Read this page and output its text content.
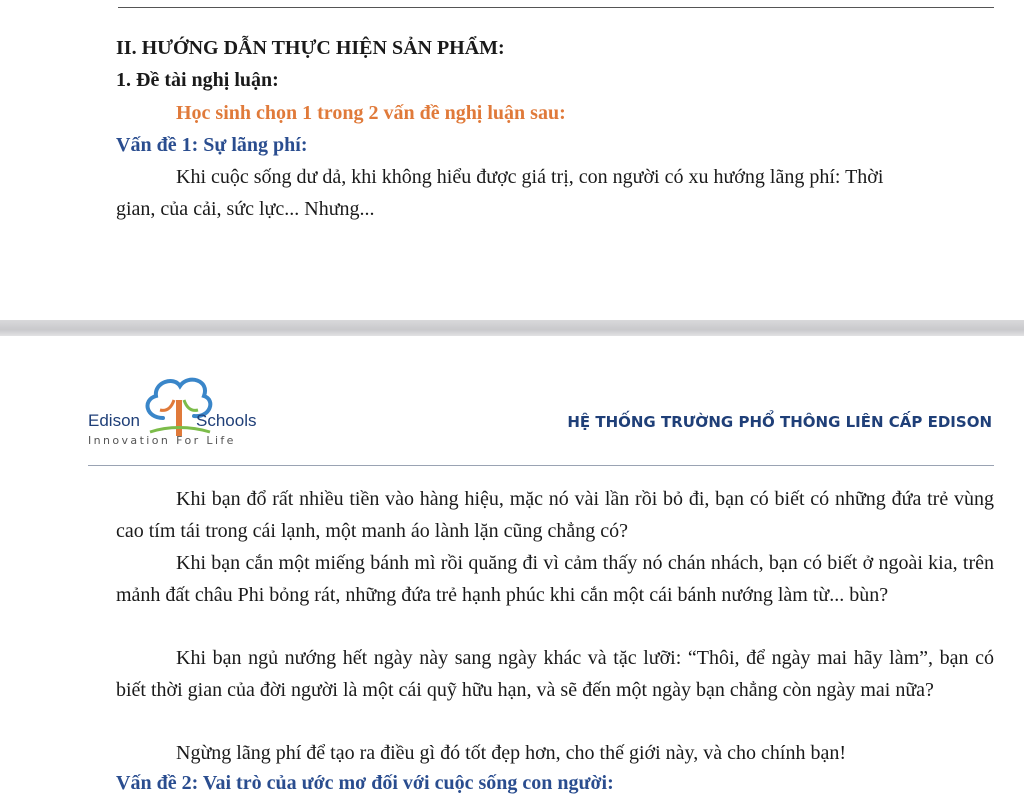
II. HƯỚNG DẪN THỰC HIỆN SẢN PHẨM:
1. Đề tài nghị luận:
Học sinh chọn 1 trong 2 vấn đề nghị luận sau:
Vấn đề 1: Sự lãng phí:
Khi cuộc sống dư dả, khi không hiểu được giá trị, con người có xu hướng lãng phí: Thời
gian, của cải, sức lực... Nhưng...
Edison	Schools
Innovation For Life
HỆ THỐNG TRƯỜNG PHỔ THÔNG LIÊN CẤP EDISON
Khi bạn đổ rất nhiều tiền vào hàng hiệu, mặc nó vài lần rồi bỏ đi, bạn có biết có những đứa trẻ vùng cao tím tái trong cái lạnh, một manh áo lành lặn cũng chẳng có?
Khi bạn cắn một miếng bánh mì rồi quăng đi vì cảm thấy nó chán nhách, bạn có biết ở ngoài kia, trên mảnh đất châu Phi bỏng rát, những đứa trẻ hạnh phúc khi cắn một cái bánh nướng làm từ... bùn?
Khi bạn ngủ nướng hết ngày này sang ngày khác và tặc lưỡi: “Thôi, để ngày mai hãy làm”, bạn có biết thời gian của đời người là một cái quỹ hữu hạn, và sẽ đến một ngày bạn chẳng còn ngày mai nữa?
Ngừng lãng phí để tạo ra điều gì đó tốt đẹp hơn, cho thế giới này, và cho chính bạn!
Vấn đề 2: Vai trò của ước mơ đối với cuộc sống con người:
